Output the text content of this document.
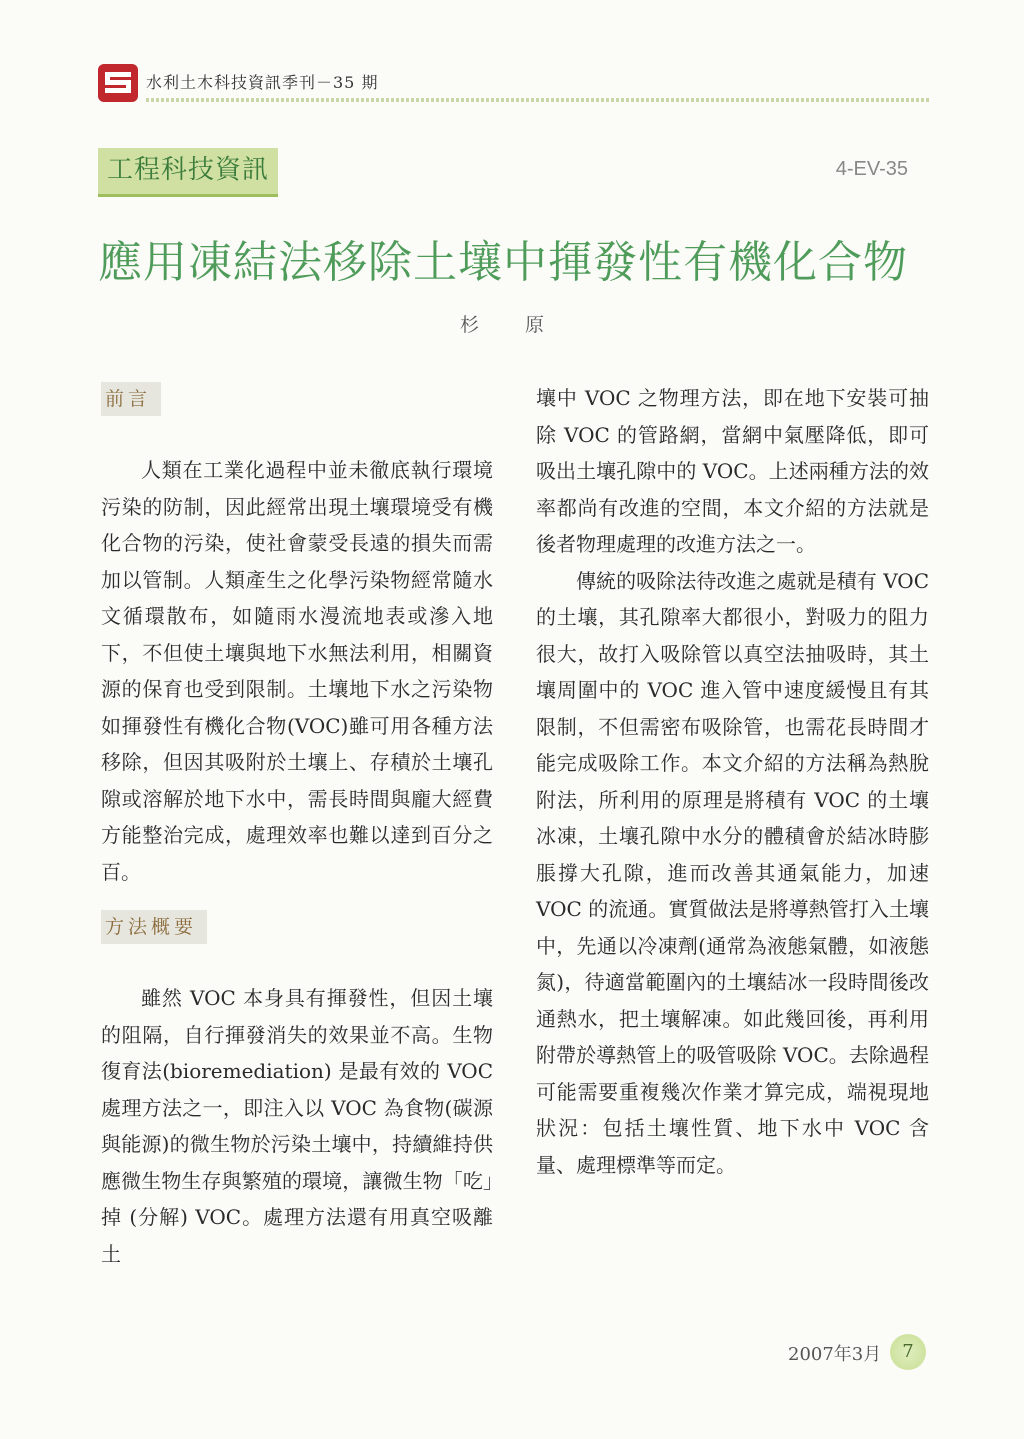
水利土木科技資訊季刊－35 期
工程科技資訊	4-EV-35
應用凍結法移除土壤中揮發性有機化合物
杉 原
前言

人類在工業化過程中並未徹底執行環境污染的防制，因此經常出現土壤環境受有機化合物的污染，使社會蒙受長遠的損失而需加以管制。人類產生之化學污染物經常隨水文循環散布，如隨雨水漫流地表或滲入地下，不但使土壤與地下水無法利用，相關資源的保育也受到限制。土壤地下水之污染物如揮發性有機化合物(VOC)雖可用各種方法移除，但因其吸附於土壤上、存積於土壤孔隙或溶解於地下水中，需長時間與龐大經費方能整治完成，處理效率也難以達到百分之百。

方法概要

雖然 VOC 本身具有揮發性，但因土壤的阻隔，自行揮發消失的效果並不高。生物復育法(bioremediation) 是最有效的 VOC 處理方法之一，即注入以 VOC 為食物(碳源與能源)的微生物於污染土壤中，持續維持供應微生物生存與繁殖的環境，讓微生物「吃」掉 (分解) VOC。處理方法還有用真空吸離土

壤中 VOC 之物理方法，即在地下安裝可抽除 VOC 的管路網，當網中氣壓降低，即可吸出土壤孔隙中的 VOC。上述兩種方法的效率都尚有改進的空間，本文介紹的方法就是後者物理處理的改進方法之一。

傳統的吸除法待改進之處就是積有 VOC 的土壤，其孔隙率大都很小，對吸力的阻力很大，故打入吸除管以真空法抽吸時，其土壤周圍中的 VOC 進入管中速度緩慢且有其限制，不但需密布吸除管，也需花長時間才能完成吸除工作。本文介紹的方法稱為熱脫附法，所利用的原理是將積有 VOC 的土壤冰凍，土壤孔隙中水分的體積會於結冰時膨脹撐大孔隙，進而改善其通氣能力，加速 VOC 的流通。實質做法是將導熱管打入土壤中，先通以冷凍劑(通常為液態氣體，如液態氮)，待適當範圍內的土壤結冰一段時間後改通熱水，把土壤解凍。如此幾回後，再利用附帶於導熱管上的吸管吸除 VOC。去除過程可能需要重複幾次作業才算完成，端視現地狀況：包括土壤性質、地下水中 VOC 含量、處理標準等而定。

2007年3月	7
